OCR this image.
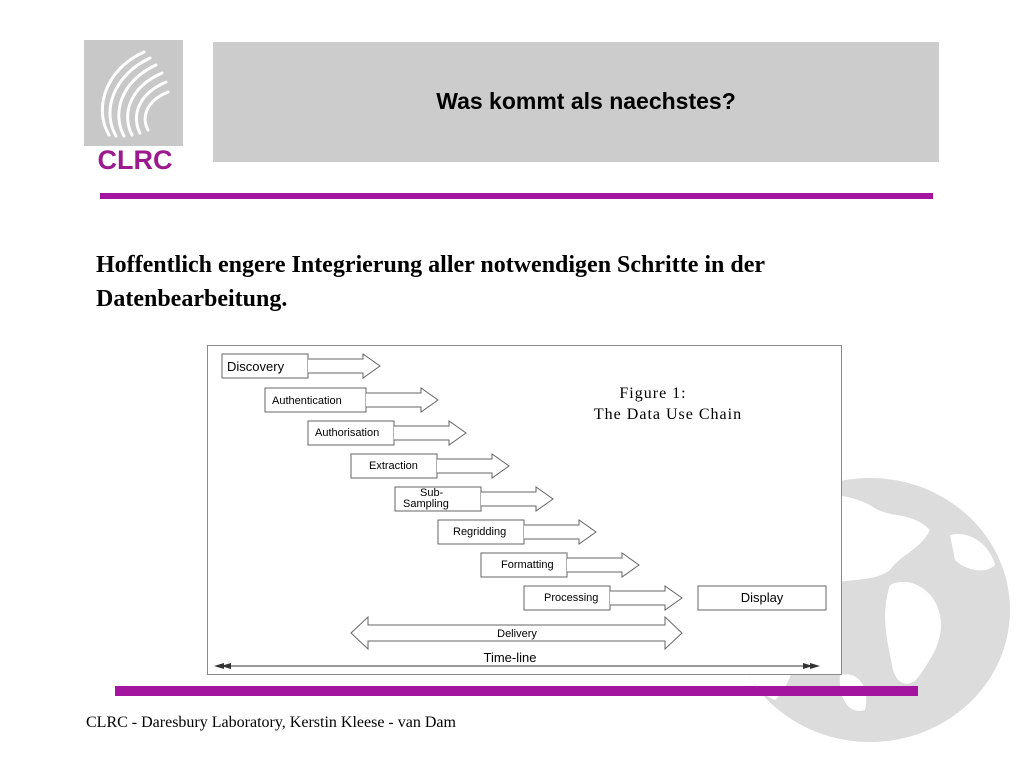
CLRC
Was kommt als naechstes?
Hoffentlich engere Integrierung aller notwendigen Schritte in der Datenbearbeitung.
Figure 1:
The Data Use Chain
Discovery
Authentication
Authorisation
Extraction
Sub-
Sampling
Regridding
Formatting
Processing	Display
Delivery
Time-line
CLRC - Daresbury Laboratory, Kerstin Kleese - van Dam
